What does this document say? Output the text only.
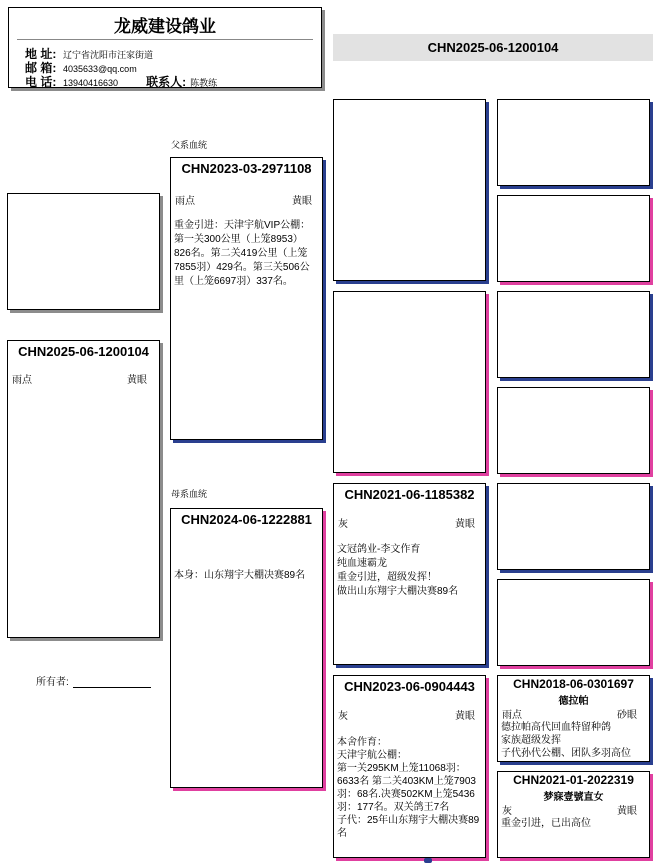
龙威建设鸽业
地 址: 辽宁省沈阳市汪家街道
邮 箱: 4035633@qq.com
电 话: 13940416630 联系人: 陈教练
CHN2025-06-1200104
CHN2025-06-1200104
雨点	黄眼
所有者:
父系血统
CHN2023-03-2971108
雨点	黄眼
重金引进：天津宇航VIP公棚：第一关300公里（上笼8953）826名。第二关419公里（上笼7855羽）429名。第三关506公里（上笼6697羽）337名。
母系血统
CHN2024-06-1222881
本身：山东翔宇大棚决赛89名
CHN2021-06-1185382
灰	黄眼
文冠鸽业-李文作育
纯血速霸龙
重金引进，超级发挥！
做出山东翔宇大棚决赛89名
CHN2023-06-0904443
灰	黄眼
本舍作育：
天津宇航公棚：
第一关295KM上笼11068羽：6633名 第二关403KM上笼7903羽：68名.决赛502KM上笼5436羽：177名。双关鸽王7名
子代：25年山东翔宇大棚决赛89名
CHN2018-06-0301697
德拉帕
雨点	砂眼
德拉帕高代回血特留种鸽
家族超级发挥
子代孙代公棚、团队多羽高位
CHN2021-01-2022319
梦寐壹號直女
灰	黄眼
重金引进，已出高位
